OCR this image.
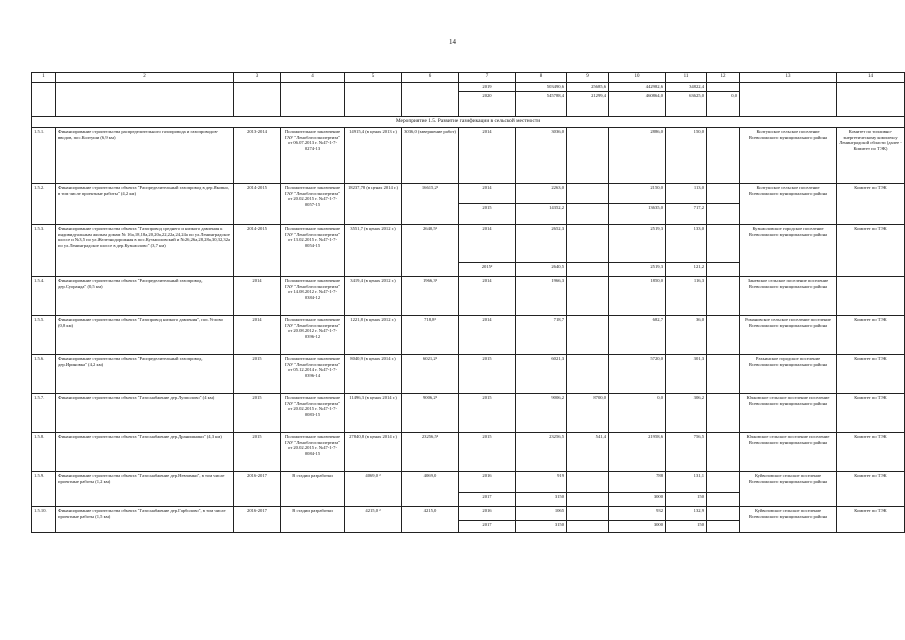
14
1	2	3	4	5	6	7	8	9	10	11	12	13	14
						2019	503490,6	25685,6	442982,6	34822,4			
						2020	545788,4	21299,4	460864,0	63625,0	0,0		
Мероприятие 1.5. Развитие газификации в сельской местности													
1.5.1.	Финансирование строительства распределительного газопровода и газопроводов-вводов, пос.Колтуши (6,9 км)	2013-2014	Положительное заключение ГАУ "Леноблгосэкспертиза" от 06.07.2013 г. №47-1-7-0274-13	14915,4 (в ценах 2013 г.)	3036,0 (завершение работ)	2014	3036,0		2886,0	150,0		Колтушское сельское поселение Всеволожского муниципального района	Комитет по топливно-энергетическому комплексу Ленинградской области (далее - Комитет по ТЭК)
1.5.2.	Финансирование строительства объекта "Распределительный газопровод в дер.Яковно, в том числе проектные работы" (4,2 км)	2014-2015	Положительное заключение ГАУ "Леноблгосэкспертиза" от 20.02.2015 г. №47-1-7-0057-15	18237,78 (в ценах 2014 г.)	16615,2¹	2014	2263,0		2150,0	113,0		Колтушское сельское поселение Всеволожского муниципального района	Комитет по ТЭК
						2015	14352,2		13635,0	717,2			
1.5.3.	Финансирование строительства объекта "Газопровод среднего и низкого давления к индивидуальным жилым домам № 16а,18,18а,20,20а,22,22а,24,24а по ул.Ленинградское шоссе и №3,5 по ул.Железнодорожная в пос.Кузьмоловский и №26,26а,28,28а,30,32,32а по ул.Ленинградское шоссе в дер.Кузьмолово" (3,7 км)	2014-2015	Положительное заключение ГАУ "Леноблгосэкспертиза" от 13.02.2015 г. №47-1-7-0054-15	3551,7 (в ценах 2012 г.)	2640,5³	2014	2652,3		2519,3	133,0		Кузьмоловское городское поселение Всеволожского муниципального района	Комитет по ТЭК
						2015²	2640,5		2519,3	121,2			
1.5.4.	Финансирование строительства объекта "Распределительный газопровод, дер.Суоранда" (0,5 км)	2014	Положительное заключение ГАУ "Леноблгосэкспертиза" от 14.08.2012 г. №47-1-7-0384-12	3419,4 (в ценах 2012 г.)	1966,3²	2014	1966,3		1850,0	116,3		Заневское сельское поселение поселение Всеволожского муниципального района	
1.5.5.	Финансирование строительства объекта "Газопровод низкого давления", пос.Углово (0,8 км)	2014	Положительное заключение ГАУ "Леноблгосэкспертиза" от 20.08.2012 г. №47-1-7-0396-12	1221,8 (в ценах 2012 г.)	718,8²	2014	718,7		682,7	36,0		Романовское сельское поселение поселение Всеволожского муниципального района	Комитет по ТЭК
1.5.6.	Финансирование строительства объекта "Распределительный газопровод, дер.Ириновка" (4,2 км)	2015	Положительное заключение ГАУ "Леноблгосэкспертиза" от 05.12.2014 г. №47-1-7-0396-14	8040,9 (в ценах 2014 г.)	6021,2²	2015	6021,3		5720,0	301,3		Рахьинское городское поселение Всеволожского муниципального района	Комитет по ТЭК
1.5.7.	Финансирование строительства объекта "Газоснабжение дер.Лупполово" (4 км)	2015	Положительное заключение ГАУ "Леноблгосэкспертиза" от 20.02.2015 г. №47-1-7-0083-15	11496,3 (в ценах 2014 г.)	9006,2²	2015	9006,2	8700,0	0,0	306,2		Юкковское сельское поселение поселение Всеволожского муниципального района	Комитет по ТЭК
1.5.8.	Финансирование строительства объекта "Газоснабжение дер.Дранишники" (4,3 км)	2015	Положительное заключение ГАУ "Леноблгосэкспертиза" от 20.02.2015 г. №47-1-7-0084-15	27840,8 (в ценах 2014 г.)	23256,5²	2015	23256,5	541,4	21958,6	756,5		Юкковское сельское поселение поселение Всеволожского муниципального района	Комитет по ТЭК
1.5.9.	Финансирование строительства объекта "Газоснабжение дер.Невзимки", в том числе проектные работы (1,2 км)	2016-2017	В стадии разработки	4069,0 ²	4069,0	2016	919		788	131,1		Куйвозовское сельское поселение Всеволожского муниципального района	Комитет по ТЭК
						2017	3150		3000	150			
1.5.10.	Финансирование строительства объекта "Газоснабжение дер.Гарболово", в том числе проектные работы (1,5 км)	2016-2017	В стадии разработки	4215,0 ²	4215,0	2016	1065		932	132,9		Куйвозовское сельское поселение Всеволожского муниципального района	Комитет по ТЭК
						2017	3150		3000	150			
